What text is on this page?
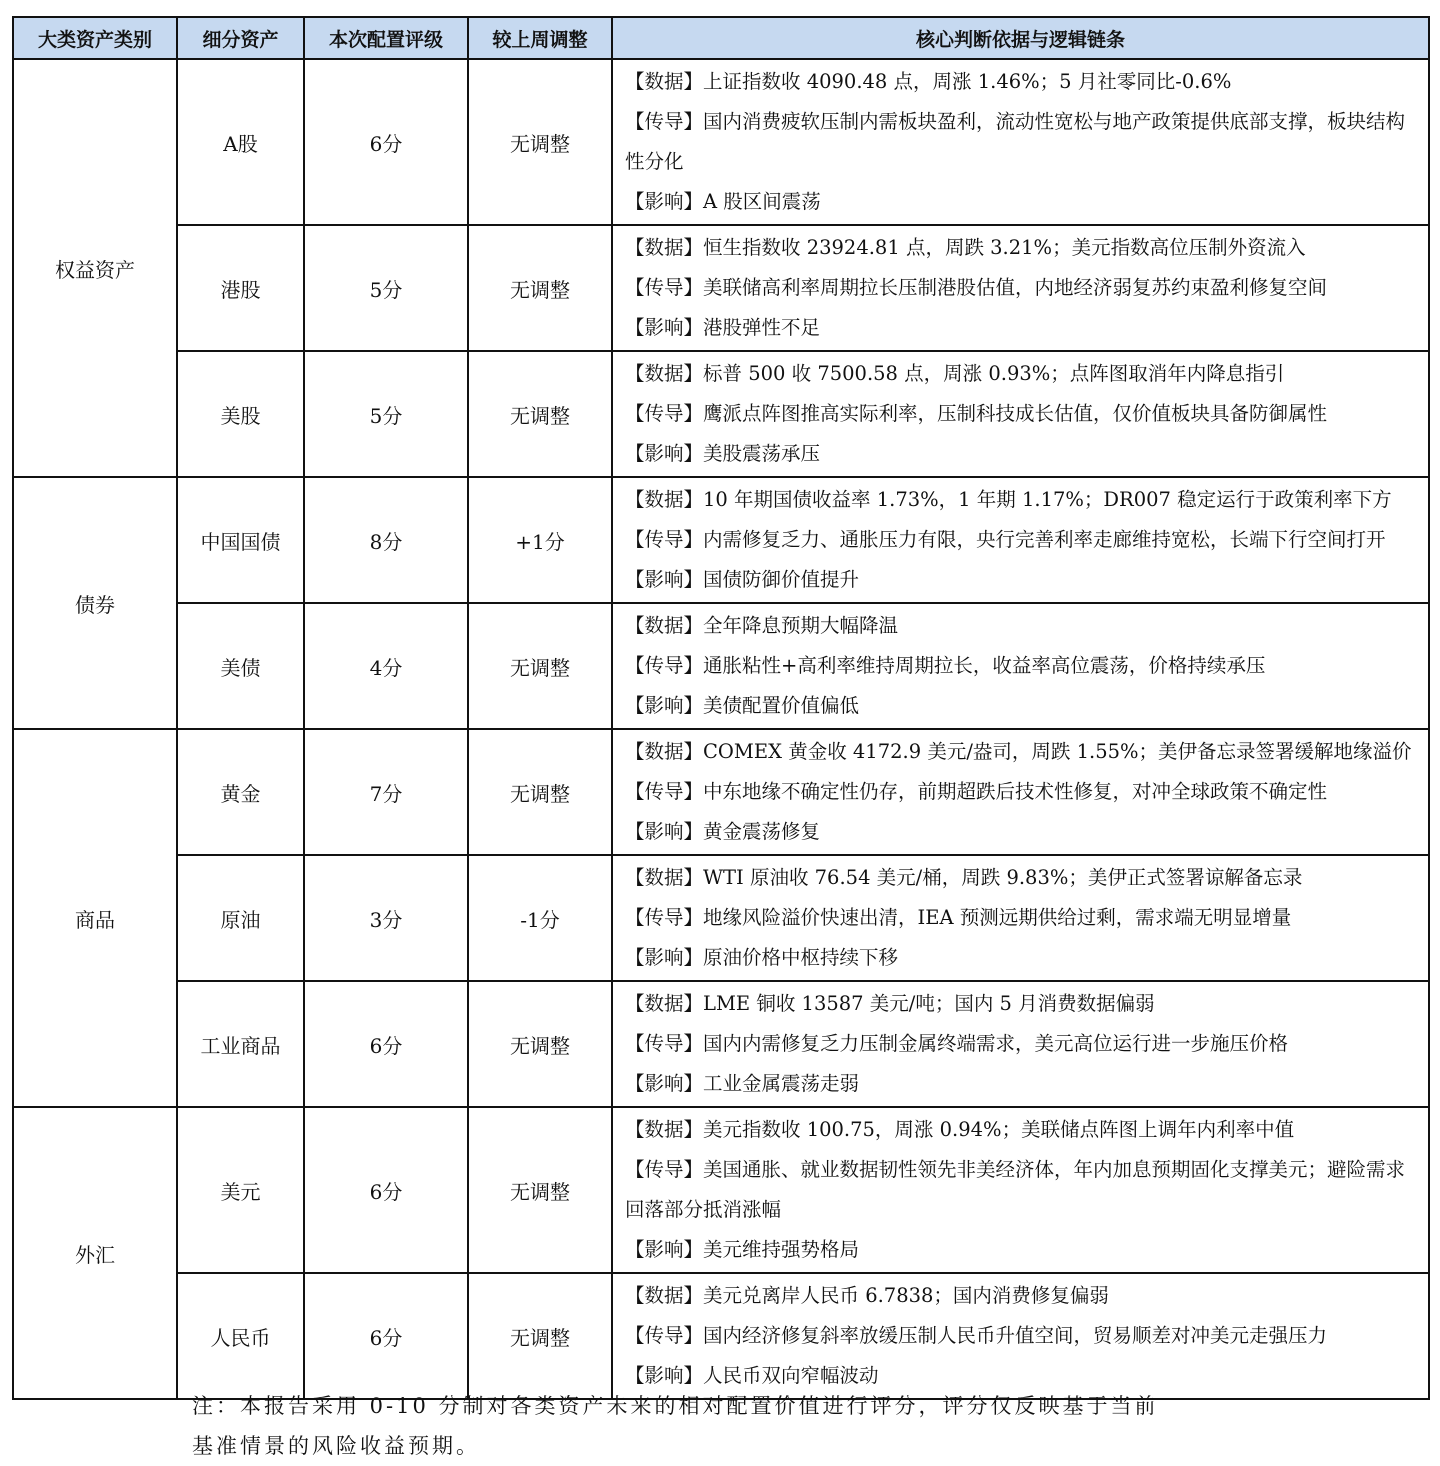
大类资产类别	细分资产	本次配置评级	较上周调整	核心判断依据与逻辑链条
权益资产	A股	6分	无调整	【数据】上证指数收 4090.48 点，周涨 1.46%；5 月社零同比-0.6%
【传导】国内消费疲软压制内需板块盈利，流动性宽松与地产政策提供底部支撑，板块结构性分化
【影响】A 股区间震荡

	港股	5分	无调整	【数据】恒生指数收 23924.81 点，周跌 3.21%；美元指数高位压制外资流入
【传导】美联储高利率周期拉长压制港股估值，内地经济弱复苏约束盈利修复空间
【影响】港股弹性不足

	美股	5分	无调整	【数据】标普 500 收 7500.58 点，周涨 0.93%；点阵图取消年内降息指引
【传导】鹰派点阵图推高实际利率，压制科技成长估值，仅价值板块具备防御属性
【影响】美股震荡承压

债券	中国国债	8分	+1分	【数据】10 年期国债收益率 1.73%，1 年期 1.17%；DR007 稳定运行于政策利率下方
【传导】内需修复乏力、通胀压力有限，央行完善利率走廊维持宽松，长端下行空间打开
【影响】国债防御价值提升

	美债	4分	无调整	【数据】全年降息预期大幅降温
【传导】通胀粘性+高利率维持周期拉长，收益率高位震荡，价格持续承压
【影响】美债配置价值偏低

商品	黄金	7分	无调整	【数据】COMEX 黄金收 4172.9 美元/盎司，周跌 1.55%；美伊备忘录签署缓解地缘溢价
【传导】中东地缘不确定性仍存，前期超跌后技术性修复，对冲全球政策不确定性
【影响】黄金震荡修复

	原油	3分	-1分	【数据】WTI 原油收 76.54 美元/桶，周跌 9.83%；美伊正式签署谅解备忘录
【传导】地缘风险溢价快速出清，IEA 预测远期供给过剩，需求端无明显增量
【影响】原油价格中枢持续下移

	工业商品	6分	无调整	【数据】LME 铜收 13587 美元/吨；国内 5 月消费数据偏弱
【传导】国内内需修复乏力压制金属终端需求，美元高位运行进一步施压价格
【影响】工业金属震荡走弱

外汇	美元	6分	无调整	【数据】美元指数收 100.75，周涨 0.94%；美联储点阵图上调年内利率中值
【传导】美国通胀、就业数据韧性领先非美经济体，年内加息预期固化支撑美元；避险需求回落部分抵消涨幅
【影响】美元维持强势格局

	人民币	6分	无调整	【数据】美元兑离岸人民币 6.7838；国内消费修复偏弱
【传导】国内经济修复斜率放缓压制人民币升值空间，贸易顺差对冲美元走强压力
【影响】人民币双向窄幅波动
注：本报告采用 0-10 分制对各类资产未来的相对配置价值进行评分，评分仅反映基于当前
基准情景的风险收益预期。
